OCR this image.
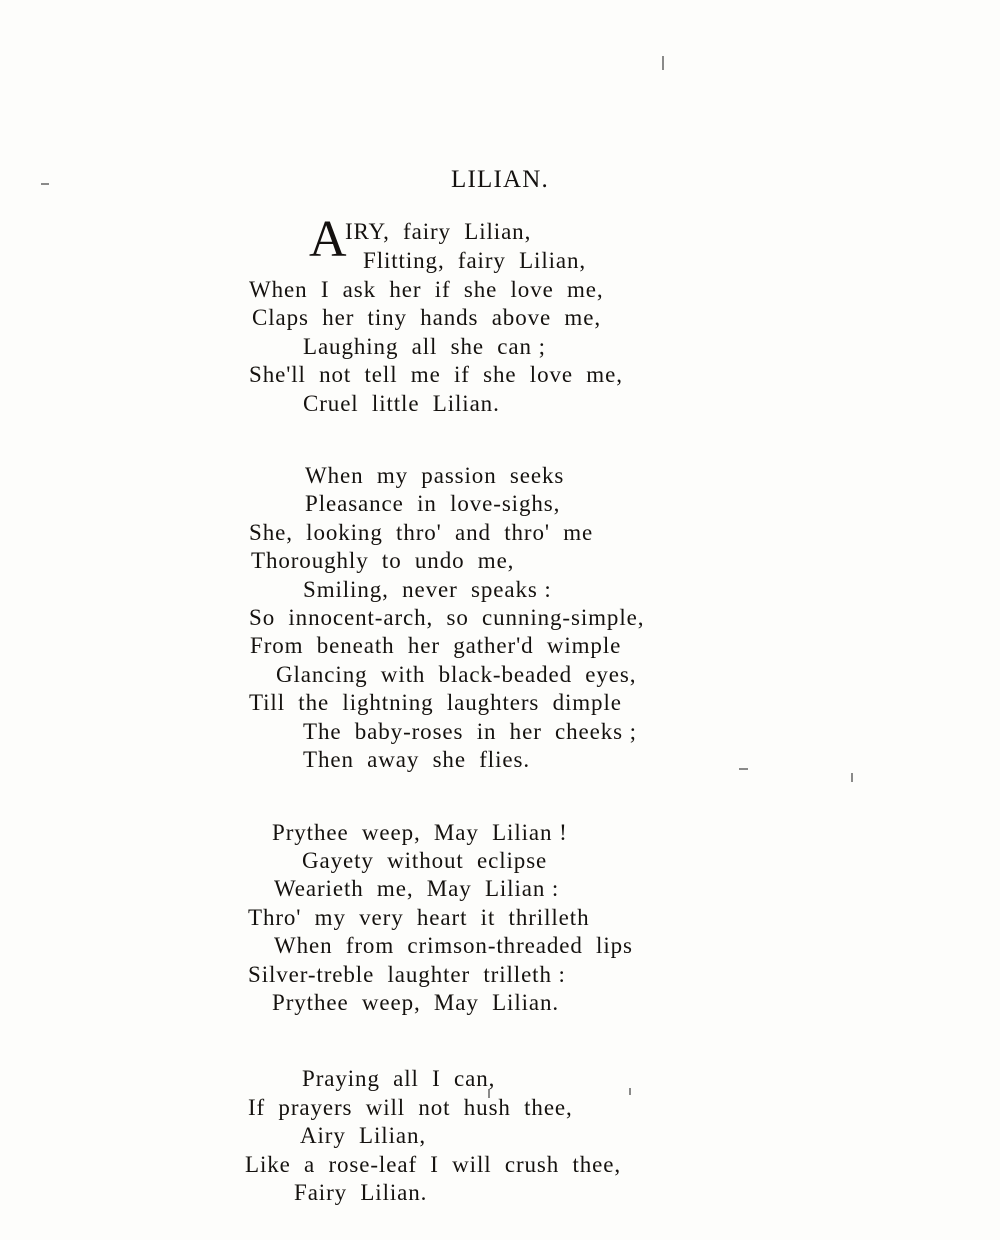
LILIAN.

A

IRY,  fairy  Lilian,

Flitting,  fairy  Lilian,

When  I  ask  her  if  she  love  me,
Claps  her  tiny  hands  above  me,
Laughing  all  she  can ;
She'll  not  tell  me  if  she  love  me,
Cruel  little  Lilian.
When  my  passion  seeks
Pleasance  in  love-sighs,
She,  looking  thro'  and  thro'  me
Thoroughly  to  undo  me,
Smiling,  never  speaks :
So  innocent-arch,  so  cunning-simple,
From  beneath  her  gather'd  wimple
Glancing  with  black-beaded  eyes,
Till  the  lightning  laughters  dimple
The  baby-roses  in  her  cheeks ;
Then  away  she  flies.
Prythee  weep,  May  Lilian !
Gayety  without  eclipse
Wearieth  me,  May  Lilian :
Thro'  my  very  heart  it  thrilleth
When  from  crimson-threaded  lips
Silver-treble  laughter  trilleth :
Prythee  weep,  May  Lilian.
Praying  all  I  can,
If  prayers  will  not  hush  thee,
Airy  Lilian,
Like  a  rose-leaf  I  will  crush  thee,
Fairy  Lilian.
